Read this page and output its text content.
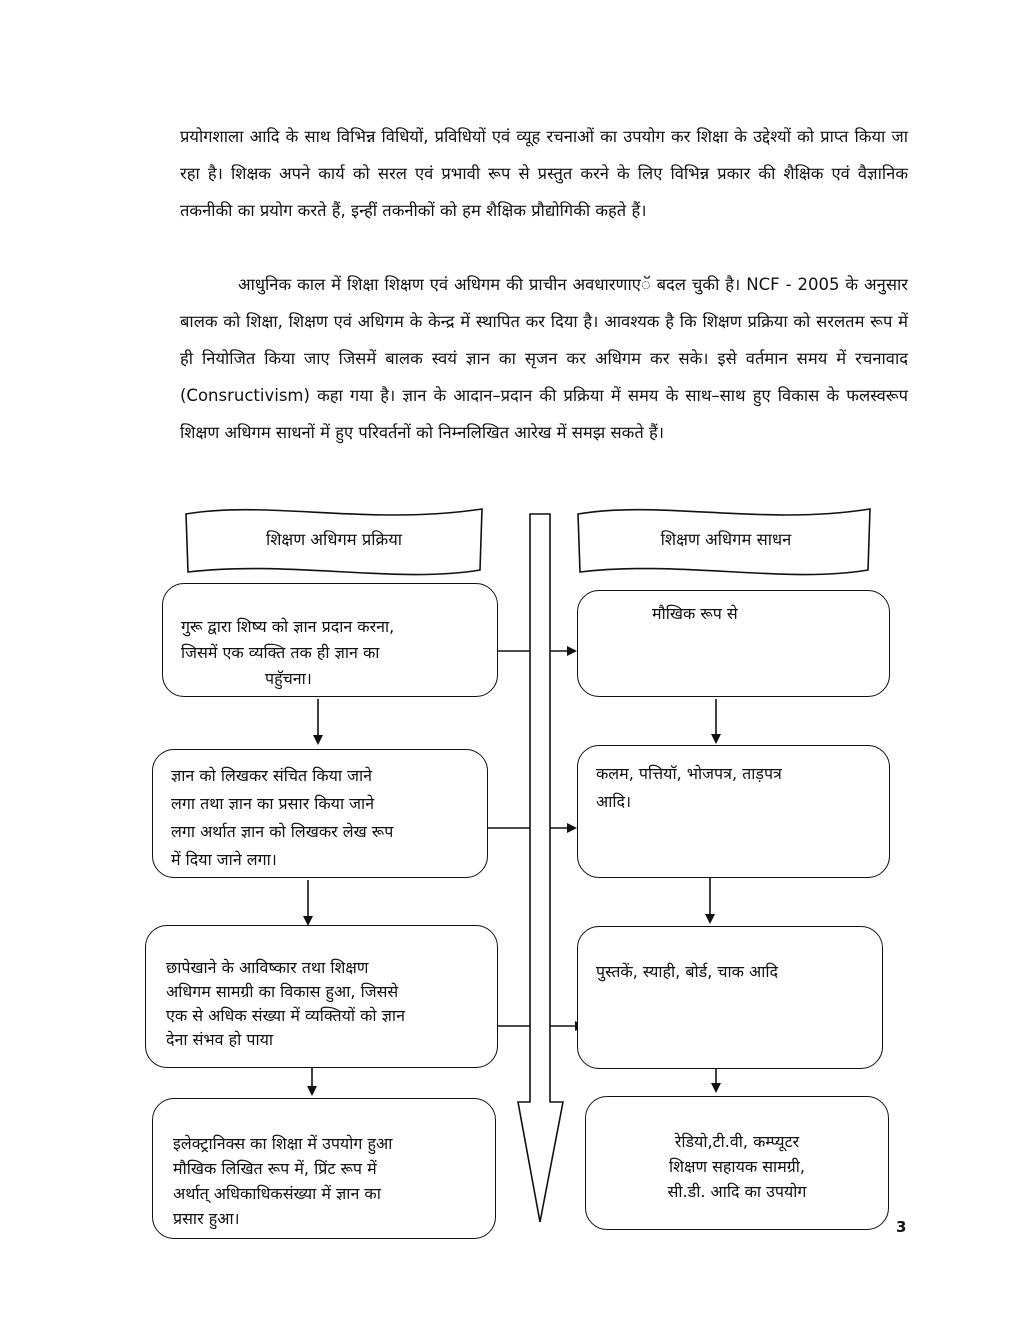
प्रयोगशाला आदि के साथ विभिन्न विधियों, प्रविधियों एवं व्यूह रचनाओं का उपयोग कर शिक्षा के उद्देश्यों को प्राप्त किया जा रहा है। शिक्षक अपने कार्य को सरल एवं प्रभावी रूप से प्रस्तुत करने के लिए विभिन्न प्रकार की शैक्षिक एवं वैज्ञानिक तकनीकी का प्रयोग करते हैं, इन्हीं तकनीकों को हम शैक्षिक प्रौद्योगिकी कहते हैं।

आधुनिक काल में शिक्षा शिक्षण एवं अधिगम की प्राचीन अवधारणाएॅ बदल चुकी है। NCF - 2005 के अनुसार बालक को शिक्षा, शिक्षण एवं अधिगम के केन्द्र में स्थापित कर दिया है। आवश्यक है कि शिक्षण प्रक्रिया को सरलतम रूप में ही नियोजित किया जाए जिसमें बालक स्वयं ज्ञान का सृजन कर अधिगम कर सके। इसे वर्तमान समय में रचनावाद (Consructivism) कहा गया है। ज्ञान के आदान–प्रदान की प्रक्रिया में समय के साथ–साथ हुए विकास के फलस्वरूप शिक्षण अधिगम साधनों में हुए परिवर्तनों को निम्नलिखित आरेख में समझ सकते हैं।

शिक्षण अधिगम प्रक्रिया	शिक्षण अधिगम साधन
गुरू द्वारा शिष्य को ज्ञान प्रदान करना,
जिसमें एक व्यक्ति तक ही ज्ञान का
पहुॅचना।
ज्ञान को लिखकर संचित किया जाने
लगा तथा ज्ञान का प्रसार किया जाने
लगा अर्थात ज्ञान को लिखकर लेख रूप
में दिया जाने लगा।
छापेखाने के आविष्कार तथा शिक्षण
अधिगम सामग्री का विकास हुआ, जिससे
एक से अधिक संख्या में व्यक्तियों को ज्ञान
देना संभव हो पाया
इलेक्ट्रानिक्स का शिक्षा में उपयोग हुआ
मौखिक लिखित रूप में, प्रिंट रूप में
अर्थात् अधिकाधिकसंख्या में ज्ञान का
प्रसार हुआ।
मौखिक रूप से
कलम, पत्तियॉ, भोजपत्र, ताड़पत्र
आदि।
पुस्तकें, स्याही, बोर्ड, चाक आदि
रेडियो,टी.वी, कम्प्यूटर
शिक्षण सहायक सामग्री,
सी.डी. आदि का उपयोग
3
